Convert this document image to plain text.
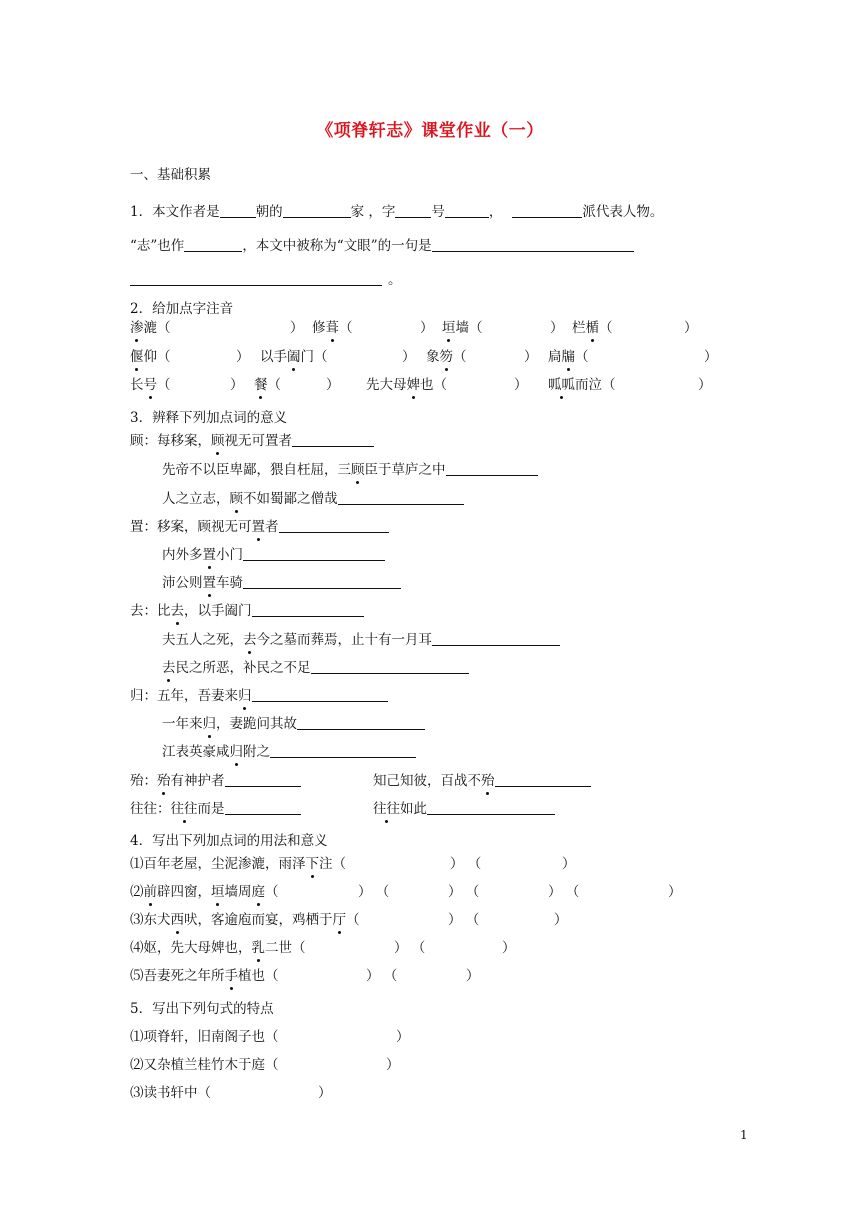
《项脊轩志》课堂作业（一）
一、基础积累
1．本文作者是	朝的	家 ，字	号	，	派代表人物。
“志”也作	，本文中被称为“文眼”的一句是
。
2．给加点字注音
渗漉（	） 修葺（	） 垣墙（	） 栏楯（	）
偃仰（	） 以手阖门（	） 象笏（	） 扃牖（	）
长号（	） 餐（	） 先大母婢也（	） 呱呱而泣（	）
3．辨释下列加点词的意义
顾：每移案，顾视无可置者
先帝不以臣卑鄙，猥自枉屈，三顾臣于草庐之中
人之立志，顾不如蜀鄙之僧哉
置：移案，顾视无可置者
内外多置小门
沛公则置车骑
去：比去，以手阖门
夫五人之死，去今之墓而葬焉，止十有一月耳
去民之所恶，补民之不足
归：五年，吾妻来归
一年来归，妻跪问其故
江表英豪咸归附之
殆：殆有神护者	知己知彼，百战不殆
往往：往往而是	往往如此
4．写出下列加点词的用法和意义
⑴百年老屋，尘泥渗漉，雨泽下注（	） （	）
⑵前辟四窗，垣墙周庭（	） （	） （	） （	）
⑶东犬西吠，客逾庖而宴，鸡栖于厅（	） （	）
⑷妪，先大母婢也，乳二世（	） （	）
⑸吾妻死之年所手植也（	） （	）
5．写出下列句式的特点
⑴项脊轩，旧南阁子也（	）
⑵又杂植兰桂竹木于庭（	）
⑶读书轩中（	）
1
